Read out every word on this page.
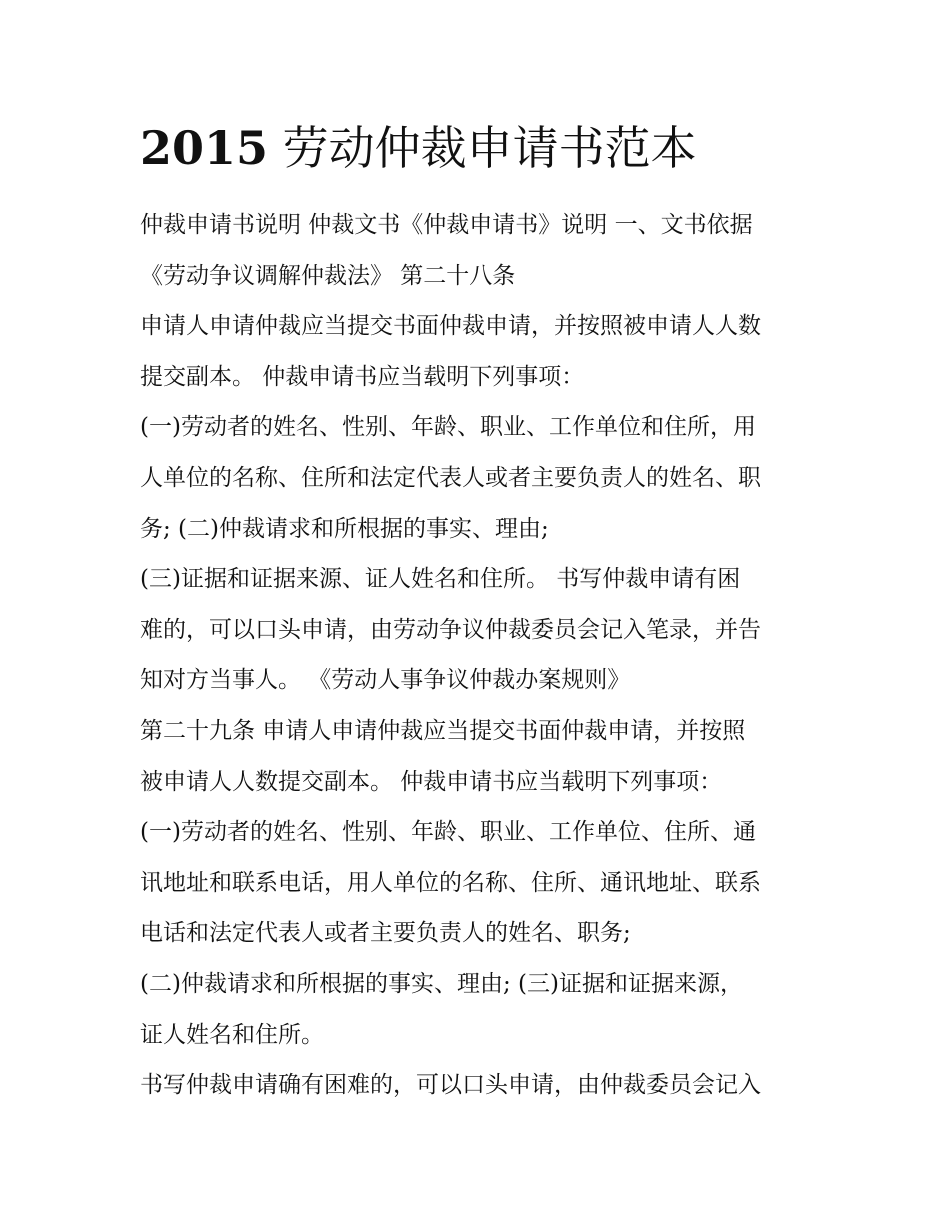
2015 劳动仲裁申请书范本

仲裁申请书说明 仲裁文书《仲裁申请书》说明 一、文书依据

《劳动争议调解仲裁法》 第二十八条

申请人申请仲裁应当提交书面仲裁申请，并按照被申请人人数

提交副本。 仲裁申请书应当载明下列事项：

(一)劳动者的姓名、性别、年龄、职业、工作单位和住所，用

人单位的名称、住所和法定代表人或者主要负责人的姓名、职

务; (二)仲裁请求和所根据的事实、理由;

(三)证据和证据来源、证人姓名和住所。 书写仲裁申请有困

难的，可以口头申请，由劳动争议仲裁委员会记入笔录，并告

知对方当事人。 《劳动人事争议仲裁办案规则》

第二十九条 申请人申请仲裁应当提交书面仲裁申请，并按照

被申请人人数提交副本。 仲裁申请书应当载明下列事项：

(一)劳动者的姓名、性别、年龄、职业、工作单位、住所、通

讯地址和联系电话，用人单位的名称、住所、通讯地址、联系

电话和法定代表人或者主要负责人的姓名、职务;

(二)仲裁请求和所根据的事实、理由; (三)证据和证据来源，

证人姓名和住所。

书写仲裁申请确有困难的，可以口头申请，由仲裁委员会记入
